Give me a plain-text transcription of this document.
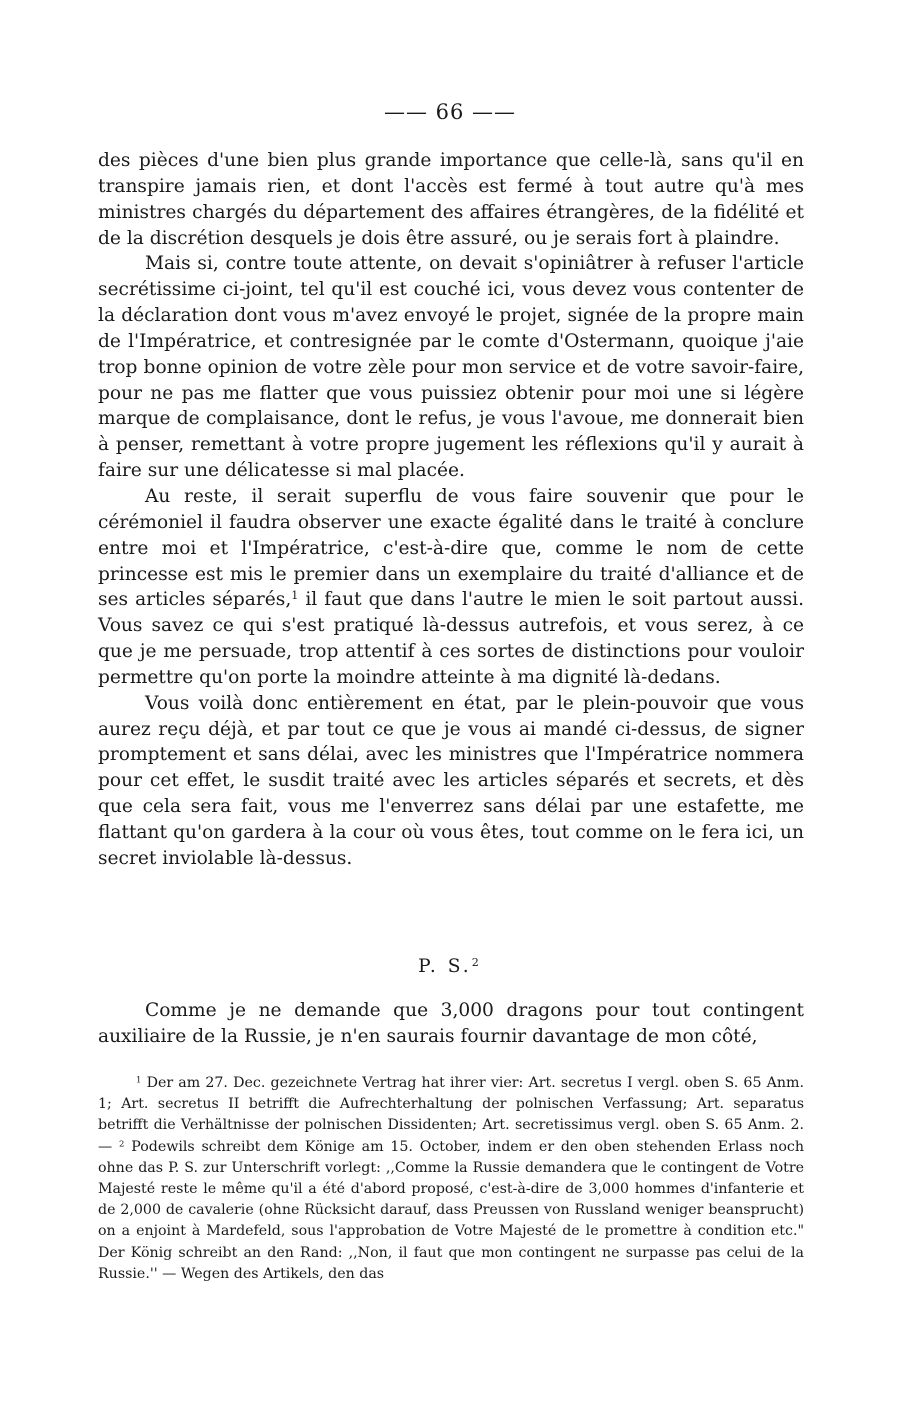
—— 66 ——

des pièces d'une bien plus grande importance que celle-là, sans qu'il en transpire jamais rien, et dont l'accès est fermé à tout autre qu'à mes ministres chargés du département des affaires étrangères, de la fidélité et de la discrétion desquels je dois être assuré, ou je serais fort à plaindre.

Mais si, contre toute attente, on devait s'opiniâtrer à refuser l'article secrétissime ci-joint, tel qu'il est couché ici, vous devez vous contenter de la déclaration dont vous m'avez envoyé le projet, signée de la propre main de l'Impératrice, et contresignée par le comte d'Ostermann, quoique j'aie trop bonne opinion de votre zèle pour mon service et de votre savoir-faire, pour ne pas me flatter que vous puissiez obtenir pour moi une si légère marque de complaisance, dont le refus, je vous l'avoue, me donnerait bien à penser, remettant à votre propre jugement les réflexions qu'il y aurait à faire sur une délicatesse si mal placée.

Au reste, il serait superflu de vous faire souvenir que pour le cérémoniel il faudra observer une exacte égalité dans le traité à conclure entre moi et l'Impératrice, c'est-à-dire que, comme le nom de cette princesse est mis le premier dans un exemplaire du traité d'alliance et de ses articles séparés,$^1$ il faut que dans l'autre le mien le soit partout aussi. Vous savez ce qui s'est pratiqué là-dessus autrefois, et vous serez, à ce que je me persuade, trop attentif à ces sortes de distinctions pour vouloir permettre qu'on porte la moindre atteinte à ma dignité là-dedans.

Vous voilà donc entièrement en état, par le plein-pouvoir que vous aurez reçu déjà, et par tout ce que je vous ai mandé ci-dessus, de signer promptement et sans délai, avec les ministres que l'Impératrice nommera pour cet effet, le susdit traité avec les articles séparés et secrets, et dès que cela sera fait, vous me l'enverrez sans délai par une estafette, me flattant qu'on gardera à la cour où vous êtes, tout comme on le fera ici, un secret inviolable là-dessus.

P. S.$^2$

Comme je ne demande que 3,000 dragons pour tout contingent auxiliaire de la Russie, je n'en saurais fournir davantage de mon côté,

$^1$ Der am 27. Dec. gezeichnete Vertrag hat ihrer vier: Art. secretus I vergl. oben S. 65 Anm. 1; Art. secretus II betrifft die Aufrechterhaltung der polnischen Verfassung; Art. separatus betrifft die Verhältnisse der polnischen Dissidenten; Art. secretissimus vergl. oben S. 65 Anm. 2. — $^2$ Podewils schreibt dem Könige am 15. October, indem er den oben stehenden Erlass noch ohne das P. S. zur Unterschrift vorlegt: ,,Comme la Russie demandera que le contingent de Votre Majesté reste le même qu'il a été d'abord proposé, c'est-à-dire de 3,000 hommes d'infanterie et de 2,000 de cavalerie (ohne Rücksicht darauf, dass Preussen von Russland weniger beansprucht) on a enjoint à Mardefeld, sous l'approbation de Votre Majesté de le promettre à condition etc." Der König schreibt an den Rand: ,,Non, il faut que mon contingent ne surpasse pas celui de la Russie.'' — Wegen des Artikels, den das
